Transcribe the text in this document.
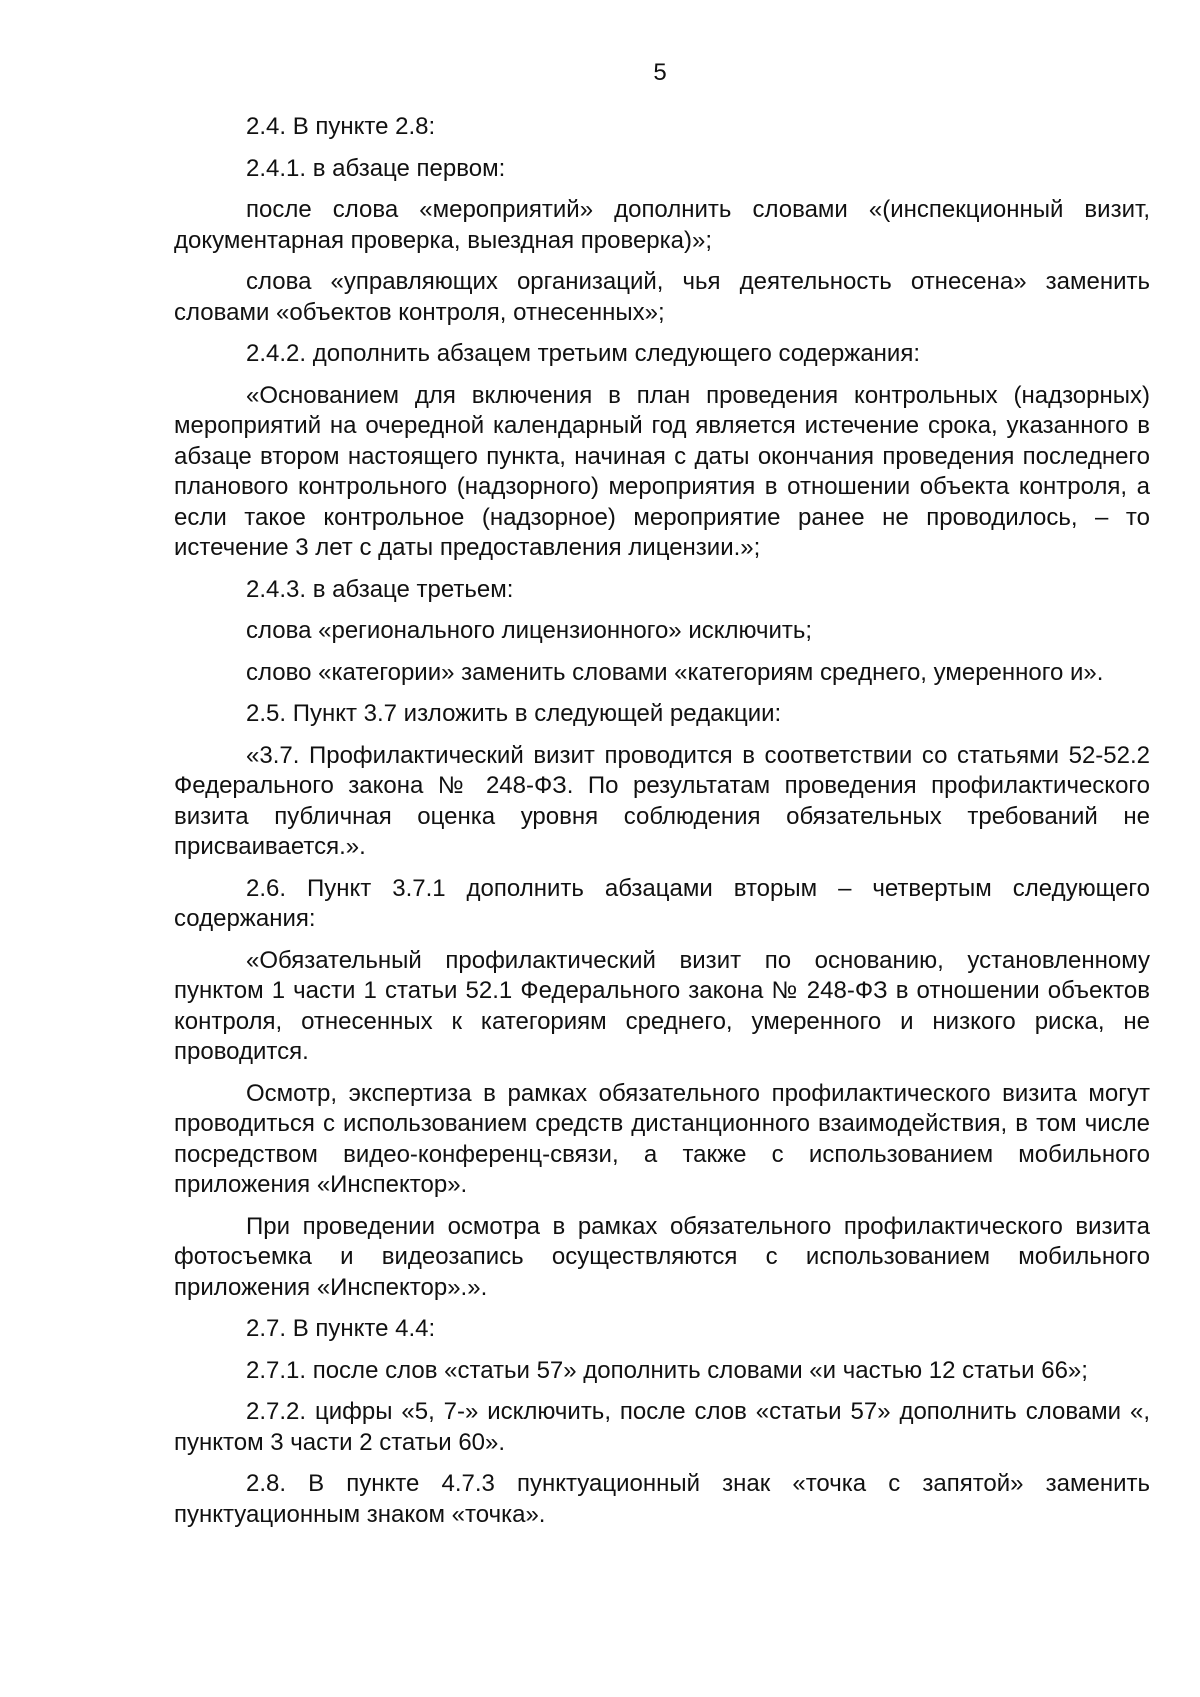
5

2.4. В пункте 2.8:

2.4.1. в абзаце первом:

после слова «мероприятий» дополнить словами «(инспекционный визит, документарная проверка, выездная проверка)»;

слова «управляющих организаций, чья деятельность отнесена» заменить словами «объектов контроля, отнесенных»;

2.4.2. дополнить абзацем третьим следующего содержания:

«Основанием для включения в план проведения контрольных (надзорных) мероприятий на очередной календарный год является истечение срока, указанного в абзаце втором настоящего пункта, начиная с даты окончания проведения последнего планового контрольного (надзорного) мероприятия в отношении объекта контроля, а если такое контрольное (надзорное) мероприятие ранее не проводилось, – то истечение 3 лет с даты предоставления лицензии.»;

2.4.3. в абзаце третьем:

слова «регионального лицензионного» исключить;

слово «категории» заменить словами «категориям среднего, умеренного и».

2.5. Пункт 3.7 изложить в следующей редакции:

«3.7. Профилактический визит проводится в соответствии со статьями 52-52.2 Федерального закона № 248-ФЗ. По результатам проведения профилактического визита публичная оценка уровня соблюдения обязательных требований не присваивается.».

2.6. Пункт 3.7.1 дополнить абзацами вторым – четвертым следующего содержания:

«Обязательный профилактический визит по основанию, установленному пунктом 1 части 1 статьи 52.1 Федерального закона № 248-ФЗ в отношении объектов контроля, отнесенных к категориям среднего, умеренного и низкого риска, не проводится.

Осмотр, экспертиза в рамках обязательного профилактического визита могут проводиться с использованием средств дистанционного взаимодействия, в том числе посредством видео-конференц-связи, а также с использованием мобильного приложения «Инспектор».

При проведении осмотра в рамках обязательного профилактического визита фотосъемка и видеозапись осуществляются с использованием мобильного приложения «Инспектор».».

2.7. В пункте 4.4:

2.7.1. после слов «статьи 57» дополнить словами «и частью 12 статьи 66»;

2.7.2. цифры «5, 7-» исключить, после слов «статьи 57» дополнить словами «, пунктом 3 части 2 статьи 60».

2.8. В пункте 4.7.3 пунктуационный знак «точка с запятой» заменить пунктуационным знаком «точка».
